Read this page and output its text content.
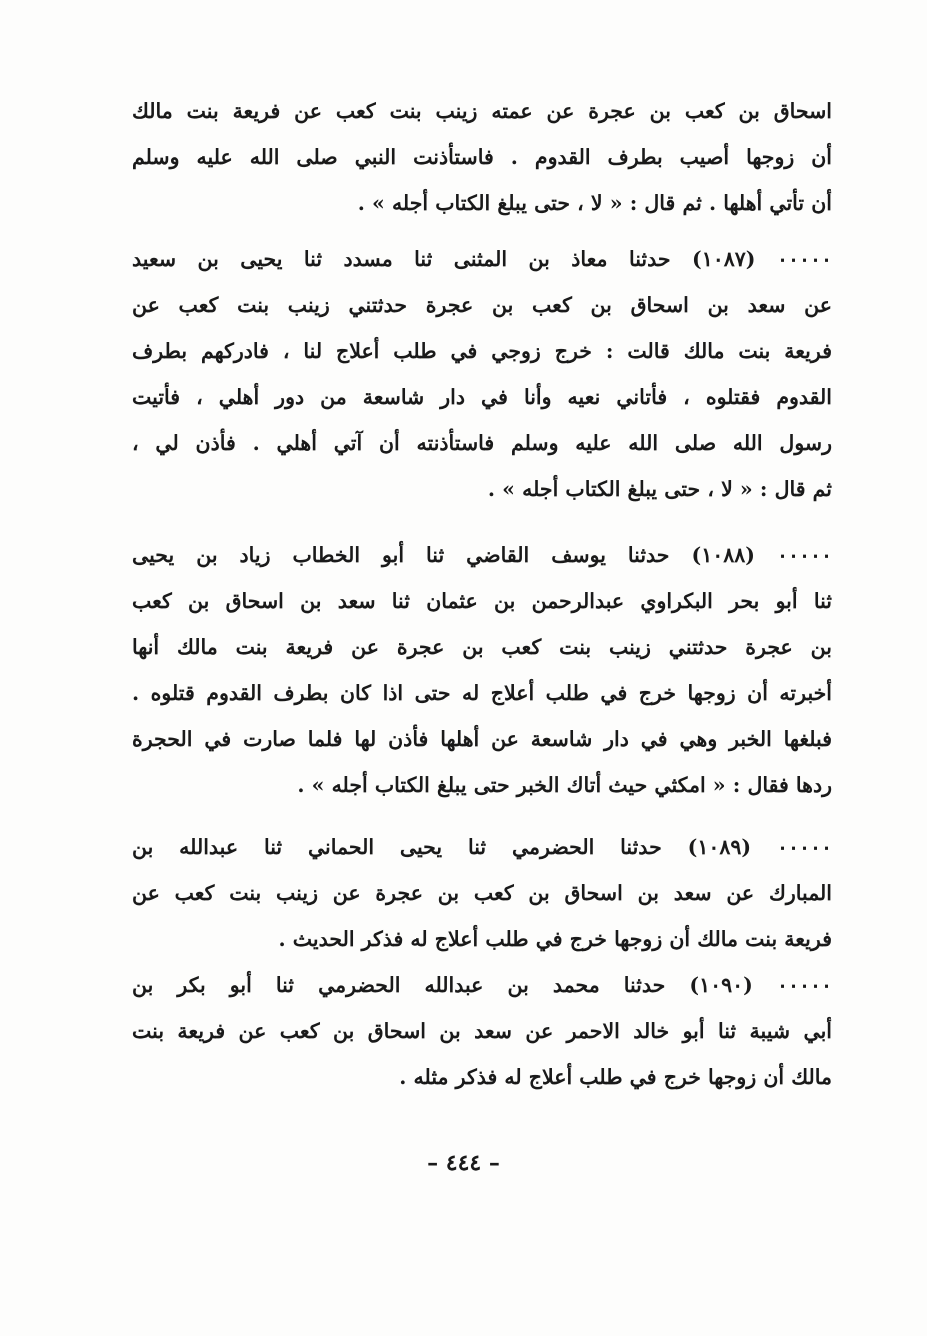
اسحاق بن كعب بن عجرة عن عمته زينب بنت كعب عن فريعة بنت مالك
أن زوجها أصيب بطرف القدوم . فاستأذنت النبي صلى الله عليه وسلم
أن تأتي أهلها . ثم قال : « لا ، حتى يبلغ الكتاب أجله » .
٠٠٠٠٠ (١٠٨٧) حدثنا معاذ بن المثنى ثنا مسدد ثنا يحيى بن سعيد
عن سعد بن اسحاق بن كعب بن عجرة حدثتني زينب بنت كعب عن
فريعة بنت مالك قالت : خرج زوجي في طلب أعلاج لنا ، فادركهم بطرف
القدوم فقتلوه ، فأتاني نعيه وأنا في دار شاسعة من دور أهلي ، فأتيت
رسول الله صلى الله عليه وسلم فاستأذنته أن آتي أهلي . فأذن لي ،
ثم قال : « لا ، حتى يبلغ الكتاب أجله » .
٠٠٠٠٠ (١٠٨٨) حدثنا يوسف القاضي ثنا أبو الخطاب زياد بن يحيى
ثنا أبو بحر البكراوي عبدالرحمن بن عثمان ثنا سعد بن اسحاق بن كعب
بن عجرة حدثتني زينب بنت كعب بن عجرة عن فريعة بنت مالك أنها
أخبرته أن زوجها خرج في طلب أعلاج له حتى اذا كان بطرف القدوم قتلوه .
فبلغها الخبر وهي في دار شاسعة عن أهلها فأذن لها فلما صارت في الحجرة
ردها فقال : « امكثي حيث أتاك الخبر حتى يبلغ الكتاب أجله » .
٠٠٠٠٠ (١٠٨٩) حدثنا الحضرمي ثنا يحيى الحماني ثنا عبدالله بن
المبارك عن سعد بن اسحاق بن كعب بن عجرة عن زينب بنت كعب عن
فريعة بنت مالك أن زوجها خرج في طلب أعلاج له فذكر الحديث .
٠٠٠٠٠ (١٠٩٠) حدثنا محمد بن عبدالله الحضرمي ثنا أبو بكر بن
أبي شيبة ثنا أبو خالد الاحمر عن سعد بن اسحاق بن كعب عن فريعة بنت
مالك أن زوجها خرج في طلب أعلاج له فذكر مثله .
– ٤٤٤ –
